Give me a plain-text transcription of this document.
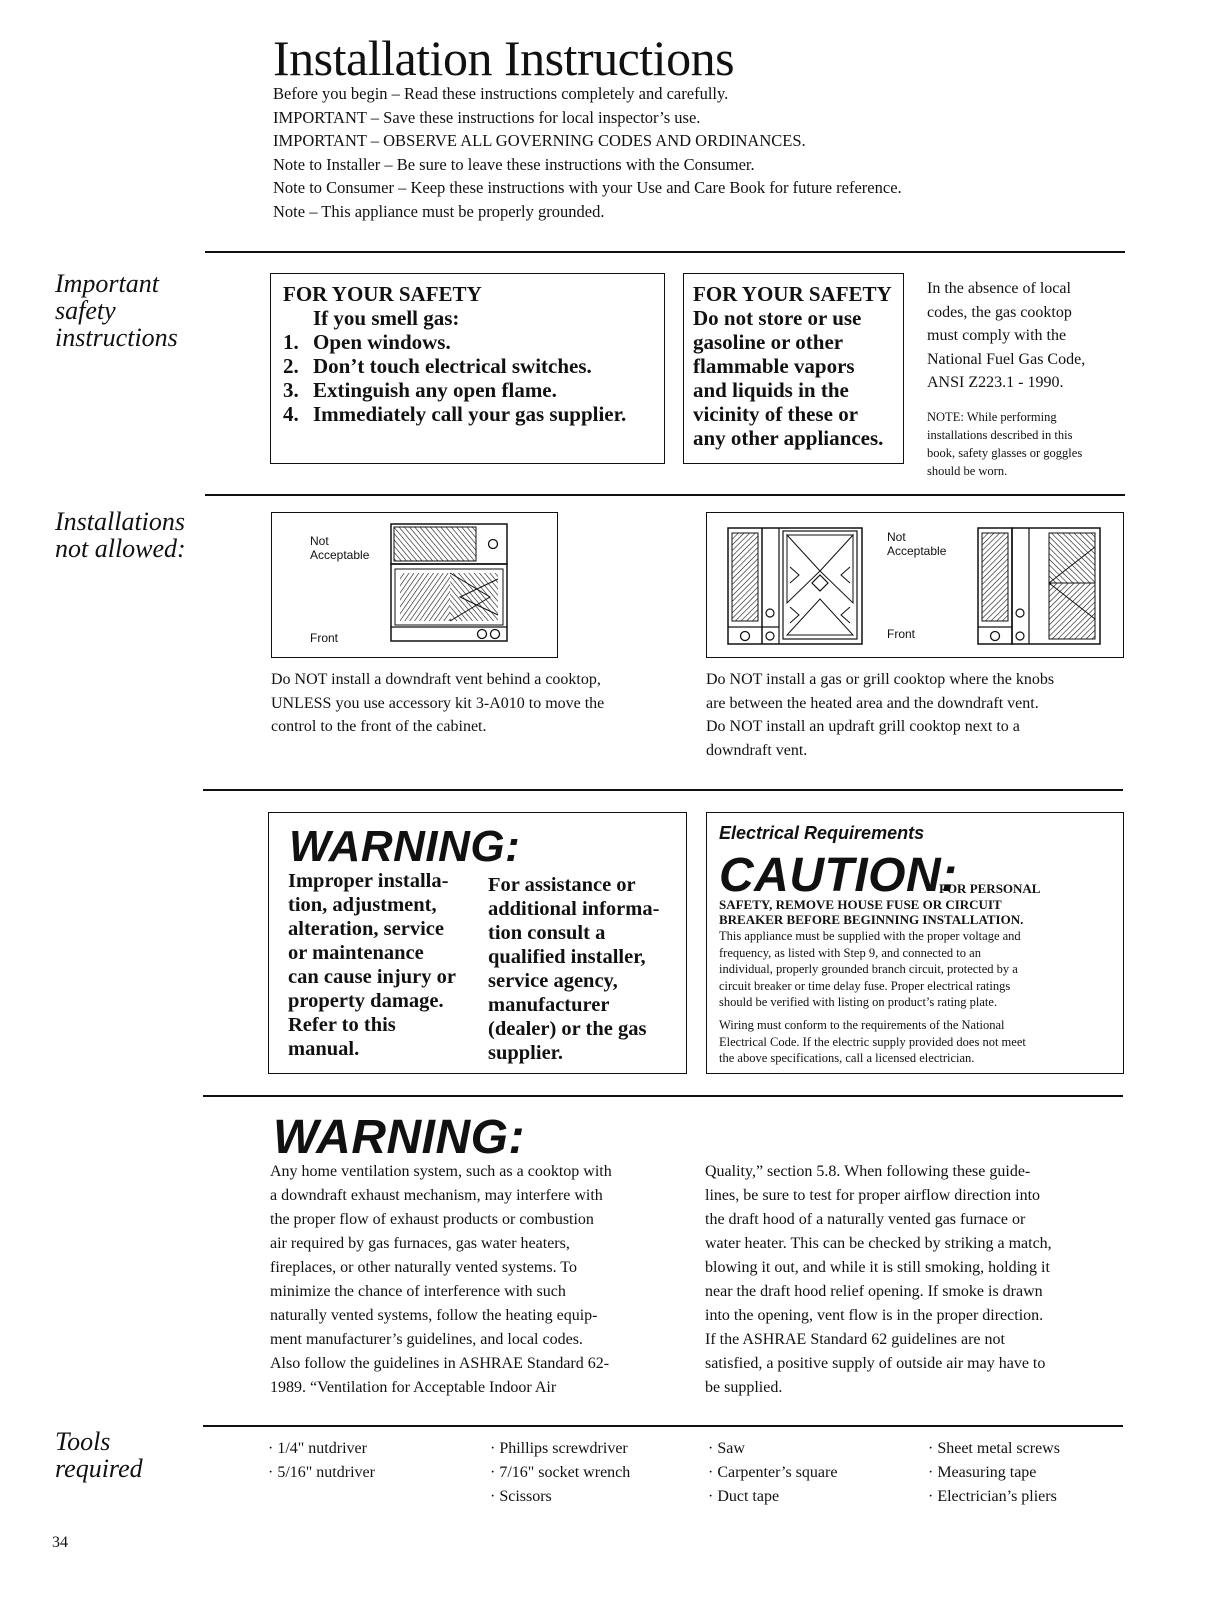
Installation Instructions
Before you begin – Read these instructions completely and carefully.
IMPORTANT – Save these instructions for local inspector’s use.
IMPORTANT – OBSERVE ALL GOVERNING CODES AND ORDINANCES.
Note to Installer – Be sure to leave these instructions with the Consumer.
Note to Consumer – Keep these instructions with your Use and Care Book for future reference.
Note – This appliance must be properly grounded.
Important
safety
instructions
FOR YOUR SAFETY
If you smell gas:
1. Open windows.
2. Don’t touch electrical switches.
3. Extinguish any open flame.
4. Immediately call your gas supplier.
FOR YOUR SAFETY
Do not store or use
gasoline or other
flammable vapors
and liquids in the
vicinity of these or
any other appliances.
In the absence of local
codes, the gas cooktop
must comply with the
National Fuel Gas Code,
ANSI Z223.1 - 1990.
NOTE: While performing
installations described in this
book, safety glasses or goggles
should be worn.
Installations
not allowed:	Not
Acceptable
Front
Not
Acceptable
Front
Do NOT install a downdraft vent behind a cooktop,
UNLESS you use accessory kit 3-A010 to move the
control to the front of the cabinet.
Do NOT install a gas or grill cooktop where the knobs
are between the heated area and the downdraft vent.
Do NOT install an updraft grill cooktop next to a
downdraft vent.
WARNING:
Improper installa-
tion, adjustment,
alteration, service
or maintenance
can cause injury or
property damage.
Refer to this
manual.
For assistance or
additional informa-
tion consult a
qualified installer,
service agency,
manufacturer
(dealer) or the gas
supplier.
Electrical Requirements
CAUTION:
FOR PERSONAL
SAFETY, REMOVE HOUSE FUSE OR CIRCUIT
BREAKER BEFORE BEGINNING INSTALLATION.
This appliance must be supplied with the proper voltage and
frequency, as listed with Step 9, and connected to an
individual, properly grounded branch circuit, protected by a
circuit breaker or time delay fuse. Proper electrical ratings
should be verified with listing on product’s rating plate.
Wiring must conform to the requirements of the National
Electrical Code. If the electric supply provided does not meet
the above specifications, call a licensed electrician.
WARNING:
Any home ventilation system, such as a cooktop with
a downdraft exhaust mechanism, may interfere with
the proper flow of exhaust products or combustion
air required by gas furnaces, gas water heaters,
fireplaces, or other naturally vented systems. To
minimize the chance of interference with such
naturally vented systems, follow the heating equip-
ment manufacturer’s guidelines, and local codes.
Also follow the guidelines in ASHRAE Standard 62-
1989. “Ventilation for Acceptable Indoor Air
Quality,” section 5.8. When following these guide-
lines, be sure to test for proper airflow direction into
the draft hood of a naturally vented gas furnace or
water heater. This can be checked by striking a match,
blowing it out, and while it is still smoking, holding it
near the draft hood relief opening. If smoke is drawn
into the opening, vent flow is in the proper direction.
If the ASHRAE Standard 62 guidelines are not
satisfied, a positive supply of outside air may have to
be supplied.
Tools
required
· 1/4" nutdriver
· 5/16" nutdriver
· Phillips screwdriver
· 7/16" socket wrench
· Scissors
· Saw
· Carpenter’s square
· Duct tape
· Sheet metal screws
· Measuring tape
· Electrician’s pliers
34
